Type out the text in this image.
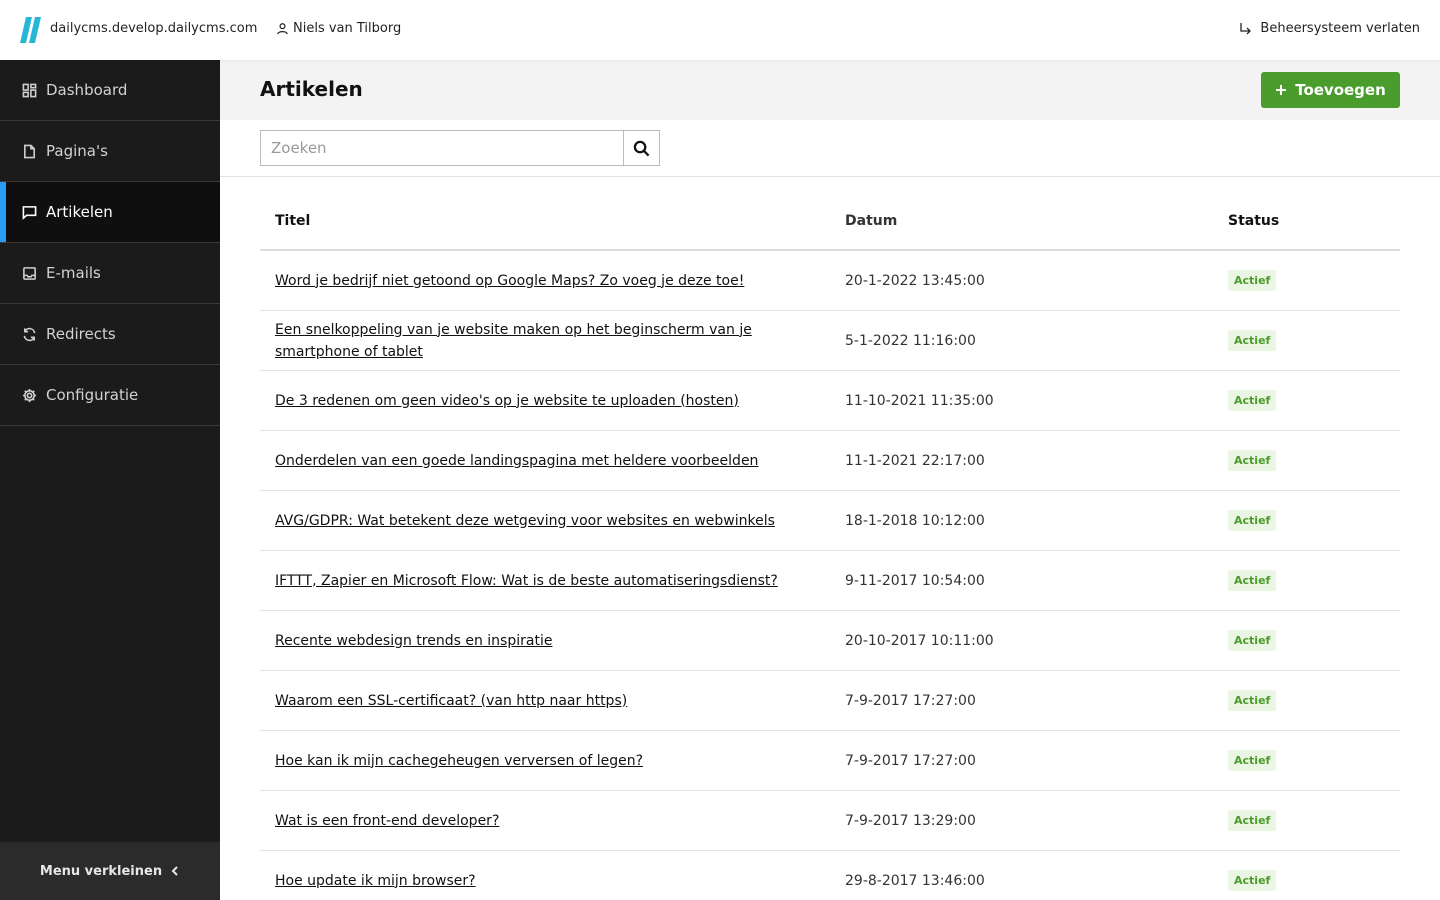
dailycms.develop.dailycms.com	Niels van Tilborg	Beheersysteem verlaten
Dashboard
Pagina's
Artikelen
E-mails
Redirects
Configuratie
Menu verkleinen
Artikelen	Toevoegen
Zoeken
Titel	Datum	Status
Word je bedrijf niet getoond op Google Maps? Zo voeg je deze toe!	20-1-2022 13:45:00	Actief
Een snelkoppeling van je website maken op het beginscherm van je smartphone of tablet
5-1-2022 11:16:00	Actief
De 3 redenen om geen video's op je website te uploaden (hosten)	11-10-2021 11:35:00	Actief
Onderdelen van een goede landingspagina met heldere voorbeelden	11-1-2021 22:17:00	Actief
AVG/GDPR: Wat betekent deze wetgeving voor websites en webwinkels	18-1-2018 10:12:00	Actief
IFTTT, Zapier en Microsoft Flow: Wat is de beste automatiseringsdienst?	9-11-2017 10:54:00	Actief
Recente webdesign trends en inspiratie	20-10-2017 10:11:00	Actief
Waarom een SSL-certificaat? (van http naar https)	7-9-2017 17:27:00	Actief
Hoe kan ik mijn cachegeheugen verversen of legen?	7-9-2017 17:27:00	Actief
Wat is een front-end developer?	7-9-2017 13:29:00	Actief
Hoe update ik mijn browser?	29-8-2017 13:46:00	Actief
